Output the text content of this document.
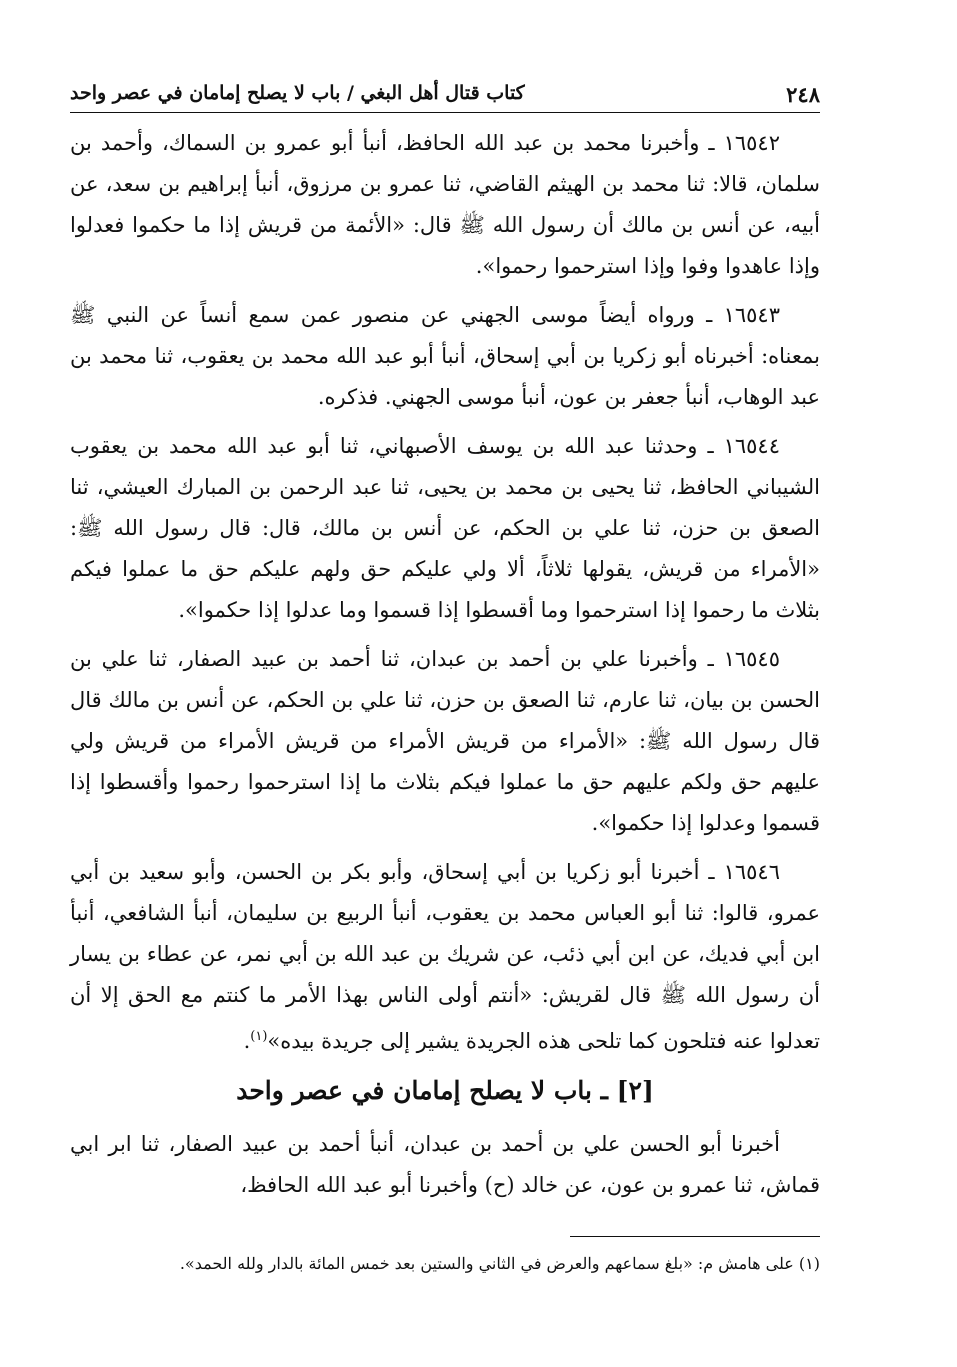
٢٤٨
كتاب قتال أهل البغي / باب لا يصلح إمامان في عصر واحد

١٦٥٤٢ ـ وأخبرنا محمد بن عبد الله الحافظ، أنبأ أبو عمرو بن السماك، وأحمد بن سلمان، قالا: ثنا محمد بن الهيثم القاضي، ثنا عمرو بن مرزوق، أنبأ إبراهيم بن سعد، عن أبيه، عن أنس بن مالك أن رسول الله ﷺ قال: «الأئمة من قريش إذا ما حكموا فعدلوا وإذا عاهدوا وفوا وإذا استرحموا رحموا».

١٦٥٤٣ ـ ورواه أيضاً موسى الجهني عن منصور عمن سمع أنساً عن النبي ﷺ بمعناه: أخبرناه أبو زكريا بن أبي إسحاق، أنبأ أبو عبد الله محمد بن يعقوب، ثنا محمد بن عبد الوهاب، أنبأ جعفر بن عون، أنبأ موسى الجهني. فذكره.

١٦٥٤٤ ـ وحدثنا عبد الله بن يوسف الأصبهاني، ثنا أبو عبد الله محمد بن يعقوب الشيباني الحافظ، ثنا يحيى بن محمد بن يحيى، ثنا عبد الرحمن بن المبارك العيشي، ثنا الصعق بن حزن، ثنا علي بن الحكم، عن أنس بن مالك، قال: قال رسول الله ﷺ: «الأمراء من قريش، يقولها ثلاثاً، ألا ولي عليكم حق ولهم عليكم حق ما عملوا فيكم بثلاث ما رحموا إذا استرحموا وما أقسطوا إذا قسموا وما عدلوا إذا حكموا».

١٦٥٤٥ ـ وأخبرنا علي بن أحمد بن عبدان، ثنا أحمد بن عبيد الصفار، ثنا علي بن الحسن بن بيان، ثنا عارم، ثنا الصعق بن حزن، ثنا علي بن الحكم، عن أنس بن مالك قال قال رسول الله ﷺ: «الأمراء من قريش الأمراء من قريش الأمراء من قريش ولي عليهم حق ولكم عليهم حق ما عملوا فيكم بثلاث ما إذا استرحموا رحموا وأقسطوا إذا قسموا وعدلوا إذا حكموا».

١٦٥٤٦ ـ أخبرنا أبو زكريا بن أبي إسحاق، وأبو بكر بن الحسن، وأبو سعيد بن أبي عمرو، قالوا: ثنا أبو العباس محمد بن يعقوب، أنبأ الربيع بن سليمان، أنبأ الشافعي، أنبأ ابن أبي فديك، عن ابن أبي ذئب، عن شريك بن عبد الله بن أبي نمر، عن عطاء بن يسار أن رسول الله ﷺ قال لقريش: «أنتم أولى الناس بهذا الأمر ما كنتم مع الحق إلا أن تعدلوا عنه فتلحون كما تلحى هذه الجريدة يشير إلى جريدة بيده»$^{(١)}$.

[٢] ـ باب لا يصلح إمامان في عصر واحد

أخبرنا أبو الحسن علي بن أحمد بن عبدان، أنبأ أحمد بن عبيد الصفار، ثنا ابر ابي قماش، ثنا عمرو بن عون، عن خالد (ح) وأخبرنا أبو عبد الله الحافظ،

(١) على هامش م: «بلغ سماعهم والعرض في الثاني والستين بعد خمس المائة بالدار ولله الحمد».
